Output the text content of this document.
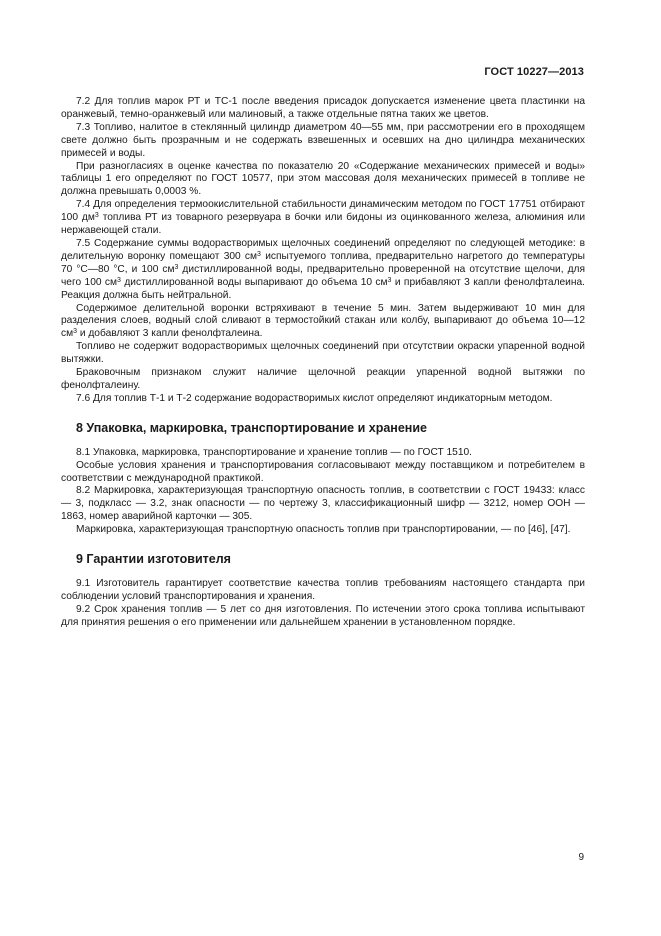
ГОСТ 10227—2013

7.2 Для топлив марок РТ и ТС-1 после введения присадок допускается изменение цвета пластинки на оранжевый, темно-оранжевый или малиновый, а также отдельные пятна таких же цветов.

7.3 Топливо, налитое в стеклянный цилиндр диаметром 40—55 мм, при рассмотрении его в проходящем свете должно быть прозрачным и не содержать взвешенных и осевших на дно цилиндра механических примесей и воды.

При разногласиях в оценке качества по показателю 20 «Содержание механических примесей и воды» таблицы 1 его определяют по ГОСТ 10577, при этом массовая доля механических примесей в топливе не должна превышать 0,0003 %.

7.4 Для определения термоокислительной стабильности динамическим методом по ГОСТ 17751 отбирают 100 $дм^3$ топлива РТ из товарного резервуара в бочки или бидоны из оцинкованного железа, алюминия или нержавеющей стали.

7.5 Содержание суммы водорастворимых щелочных соединений определяют по следующей методике: в делительную воронку помещают 300 $см^3$ испытуемого топлива, предварительно нагретого до температуры 70 °С—80 °С, и 100 $см^3$ дистиллированной воды, предварительно проверенной на отсутствие щелочи, для чего 100 $см^3$ дистиллированной воды выпаривают до объема 10 $см^3$ и прибавляют 3 капли фенолфталеина. Реакция должна быть нейтральной.

Содержимое делительной воронки встряхивают в течение 5 мин. Затем выдерживают 10 мин для разделения слоев, водный слой сливают в термостойкий стакан или колбу, выпаривают до объема 10—12 $см^3$ и добавляют 3 капли фенолфталеина.

Топливо не содержит водорастворимых щелочных соединений при отсутствии окраски упаренной водной вытяжки.

Браковочным признаком служит наличие щелочной реакции упаренной водной вытяжки по фенолфталеину.

7.6 Для топлив Т-1 и Т-2 содержание водорастворимых кислот определяют индикаторным методом.

8 Упаковка, маркировка, транспортирование и хранение

8.1 Упаковка, маркировка, транспортирование и хранение топлив — по ГОСТ 1510.

Особые условия хранения и транспортирования согласовывают между поставщиком и потребителем в соответствии с международной практикой.

8.2 Маркировка, характеризующая транспортную опасность топлив, в соответствии с ГОСТ 19433: класс — 3, подкласс — 3.2, знак опасности — по чертежу 3, классификационный шифр — 3212, номер ООН — 1863, номер аварийной карточки — 305.

Маркировка, характеризующая транспортную опасность топлив при транспортировании, — по [46], [47].

9 Гарантии изготовителя

9.1 Изготовитель гарантирует соответствие качества топлив требованиям настоящего стандарта при соблюдении условий транспортирования и хранения.

9.2 Срок хранения топлив — 5 лет со дня изготовления. По истечении этого срока топлива испытывают для принятия решения о его применении или дальнейшем хранении в установленном порядке.

9
